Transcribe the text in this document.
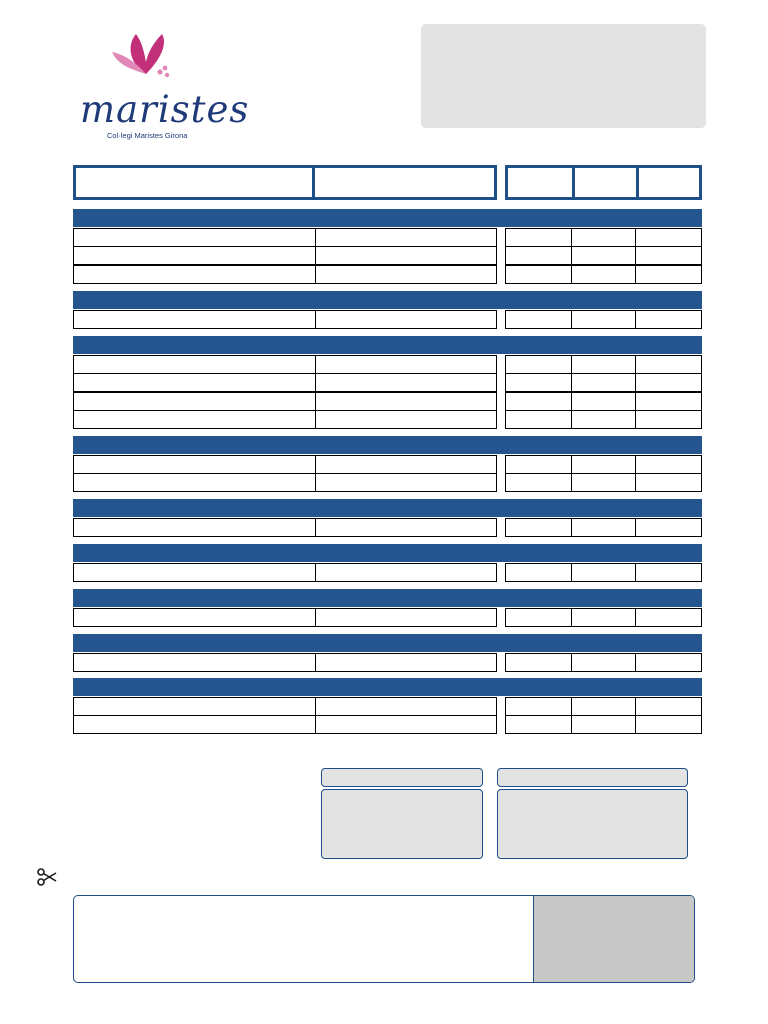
maristes

Col·legi Maristes Girona
